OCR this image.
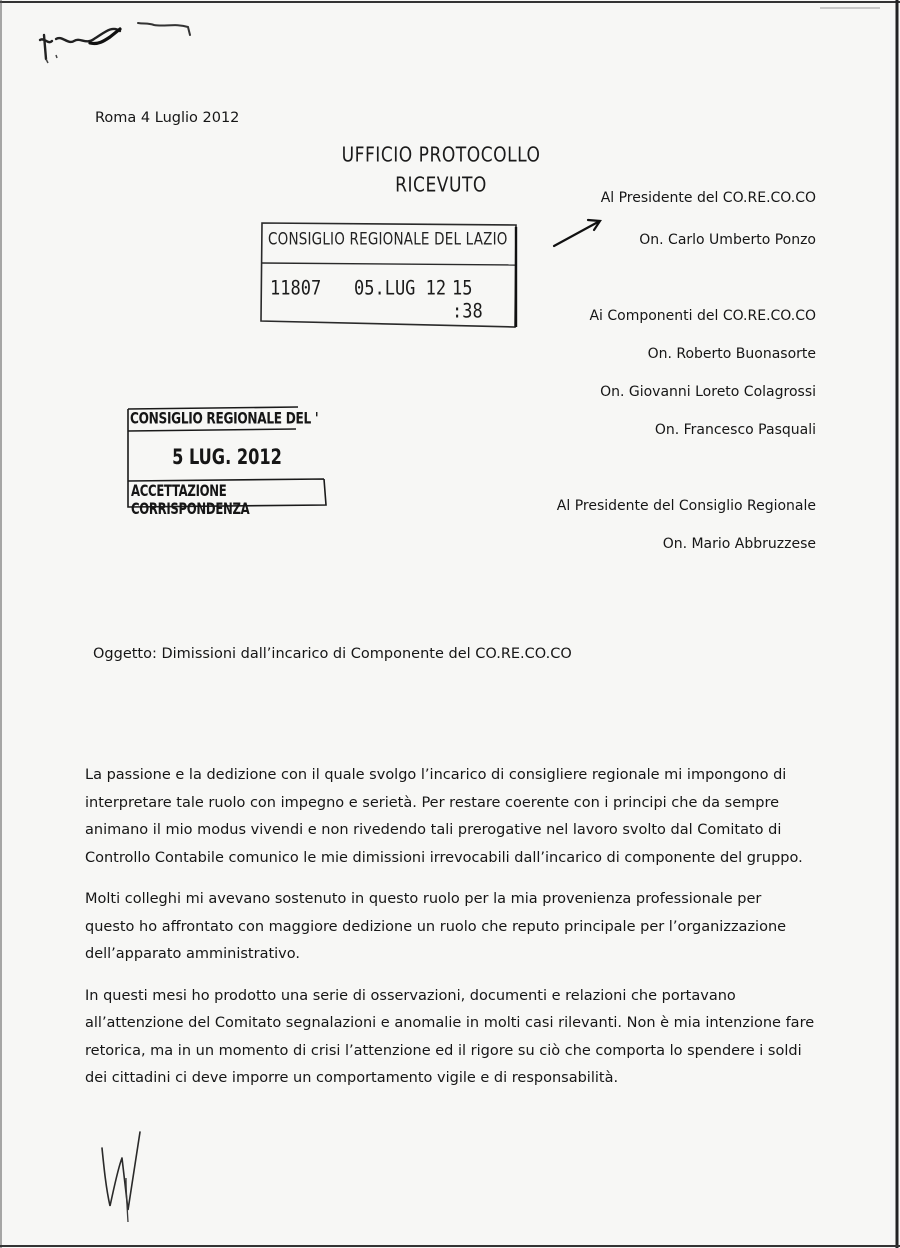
Roma 4 Luglio 2012
UFFICIO PROTOCOLLO
RICEVUTO
CONSIGLIO REGIONALE DEL LAZIO
11807 05.LUG 12 15 :38
CONSIGLIO REGIONALE DEL '
5 LUG. 2012
ACCETTAZIONE CORRISPONDENZA
Al Presidente del CO.RE.CO.CO
On. Carlo Umberto Ponzo
Ai Componenti del CO.RE.CO.CO
On. Roberto Buonasorte
On. Giovanni Loreto Colagrossi
On. Francesco Pasquali
Al Presidente del Consiglio Regionale
On. Mario Abbruzzese
Oggetto: Dimissioni dall’incarico di Componente del CO.RE.CO.CO

La passione e la dedizione con il quale svolgo l’incarico di consigliere regionale mi impongono di interpretare tale ruolo con impegno e serietà. Per restare coerente con i principi che da sempre animano il mio modus vivendi e non rivedendo tali prerogative nel lavoro svolto dal Comitato di Controllo Contabile comunico le mie dimissioni irrevocabili dall’incarico di componente del gruppo.

Molti colleghi mi avevano sostenuto in questo ruolo per la mia provenienza professionale per questo ho affrontato con maggiore dedizione un ruolo che reputo principale per l’organizzazione dell’apparato amministrativo.

In questi mesi ho prodotto una serie di osservazioni, documenti e relazioni che portavano all’attenzione del Comitato segnalazioni e anomalie in molti casi rilevanti. Non è mia intenzione fare retorica, ma in un momento di crisi l’attenzione ed il rigore su ciò che comporta lo spendere i soldi dei cittadini ci deve imporre un comportamento vigile e di responsabilità.
